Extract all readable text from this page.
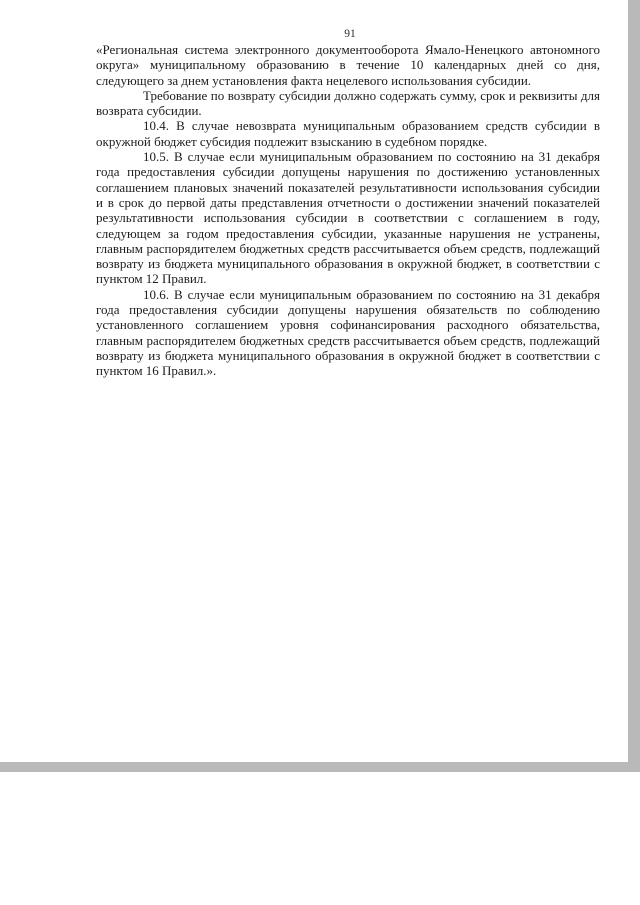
91

«Региональная система электронного документооборота Ямало-Ненецкого автономного округа» муниципальному образованию в течение 10 календарных дней со дня, следующего за днем установления факта нецелевого использования субсидии.

Требование по возврату субсидии должно содержать сумму, срок и реквизиты для возврата субсидии.

10.4. В случае невозврата муниципальным образованием средств субсидии в окружной бюджет субсидия подлежит взысканию в судебном порядке.

10.5. В случае если муниципальным образованием по состоянию на 31 декабря года предоставления субсидии допущены нарушения по достижению установленных соглашением плановых значений показателей результативности использования субсидии и в срок до первой даты представления отчетности о достижении значений показателей результативности использования субсидии в соответствии с соглашением в году, следующем за годом предоставления субсидии, указанные нарушения не устранены, главным распорядителем бюджетных средств рассчитывается объем средств, подлежащий возврату из бюджета муниципального образования в окружной бюджет, в соответствии с пунктом 12 Правил.

10.6. В случае если муниципальным образованием по состоянию на 31 декабря года предоставления субсидии допущены нарушения обязательств по соблюдению установленного соглашением уровня софинансирования расходного обязательства, главным распорядителем бюджетных средств рассчитывается объем средств, подлежащий возврату из бюджета муниципального образования в окружной бюджет в соответствии с пунктом 16 Правил.».
